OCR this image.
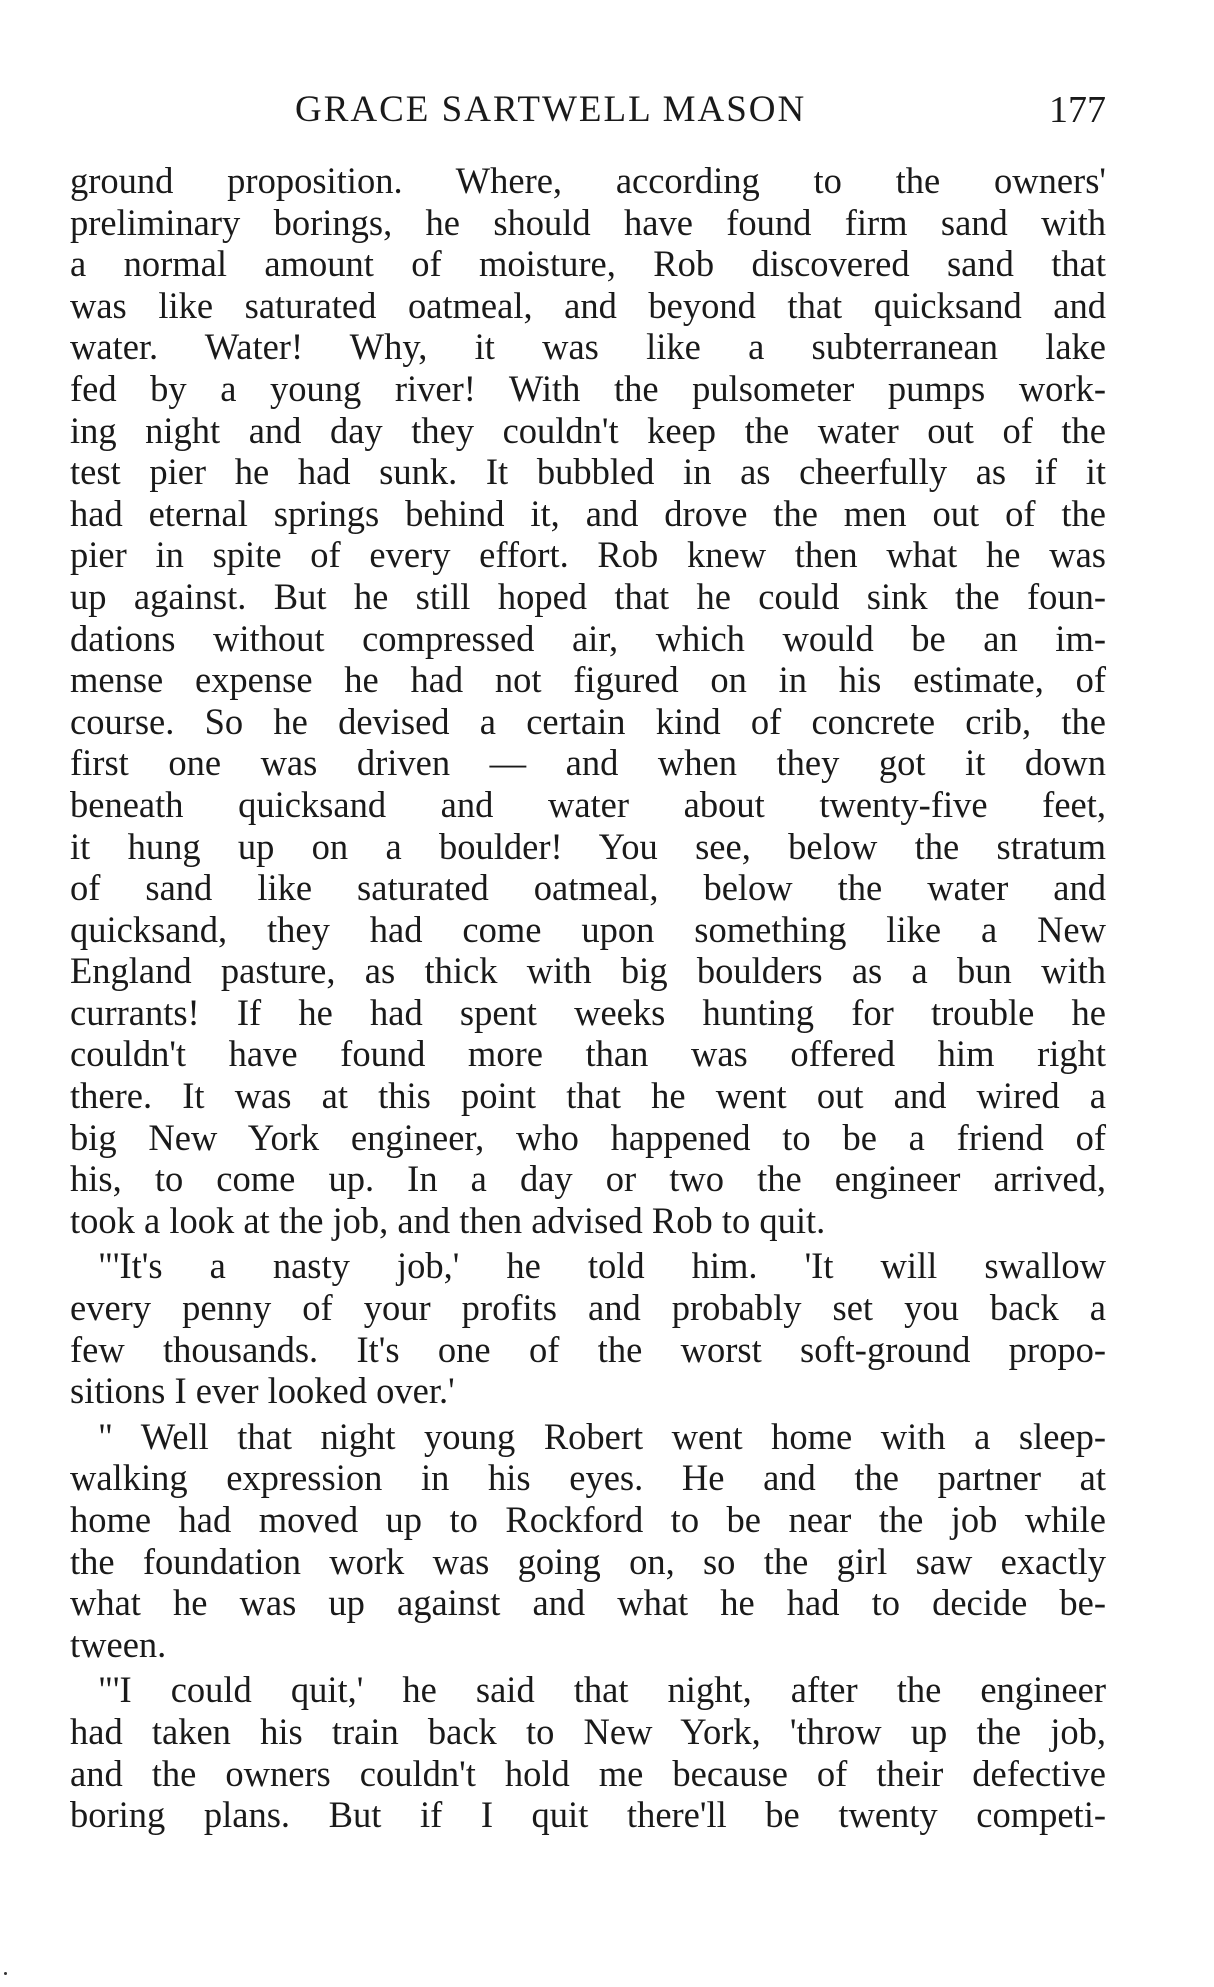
GRACE SARTWELL MASON	177
ground proposition. Where, according to the owners'
preliminary borings, he should have found firm sand with
a normal amount of moisture, Rob discovered sand that
was like saturated oatmeal, and beyond that quicksand and
water. Water! Why, it was like a subterranean lake
fed by a young river! With the pulsometer pumps work-
ing night and day they couldn't keep the water out of the
test pier he had sunk. It bubbled in as cheerfully as if it
had eternal springs behind it, and drove the men out of the
pier in spite of every effort. Rob knew then what he was
up against. But he still hoped that he could sink the foun-
dations without compressed air, which would be an im-
mense expense he had not figured on in his estimate, of
course. So he devised a certain kind of concrete crib, the
first one was driven — and when they got it down
beneath quicksand and water about twenty-five feet,
it hung up on a boulder! You see, below the stratum
of sand like saturated oatmeal, below the water and
quicksand, they had come upon something like a New
England pasture, as thick with big boulders as a bun with
currants! If he had spent weeks hunting for trouble he
couldn't have found more than was offered him right
there. It was at this point that he went out and wired a
big New York engineer, who happened to be a friend of
his, to come up. In a day or two the engineer arrived,
took a look at the job, and then advised Rob to quit.
"'It's a nasty job,' he told him. 'It will swallow
every penny of your profits and probably set you back a
few thousands. It's one of the worst soft-ground propo-
sitions I ever looked over.'
" Well that night young Robert went home with a sleep-
walking expression in his eyes. He and the partner at
home had moved up to Rockford to be near the job while
the foundation work was going on, so the girl saw exactly
what he was up against and what he had to decide be-
tween.
"'I could quit,' he said that night, after the engineer
had taken his train back to New York, 'throw up the job,
and the owners couldn't hold me because of their defective
boring plans. But if I quit there'll be twenty competi-
